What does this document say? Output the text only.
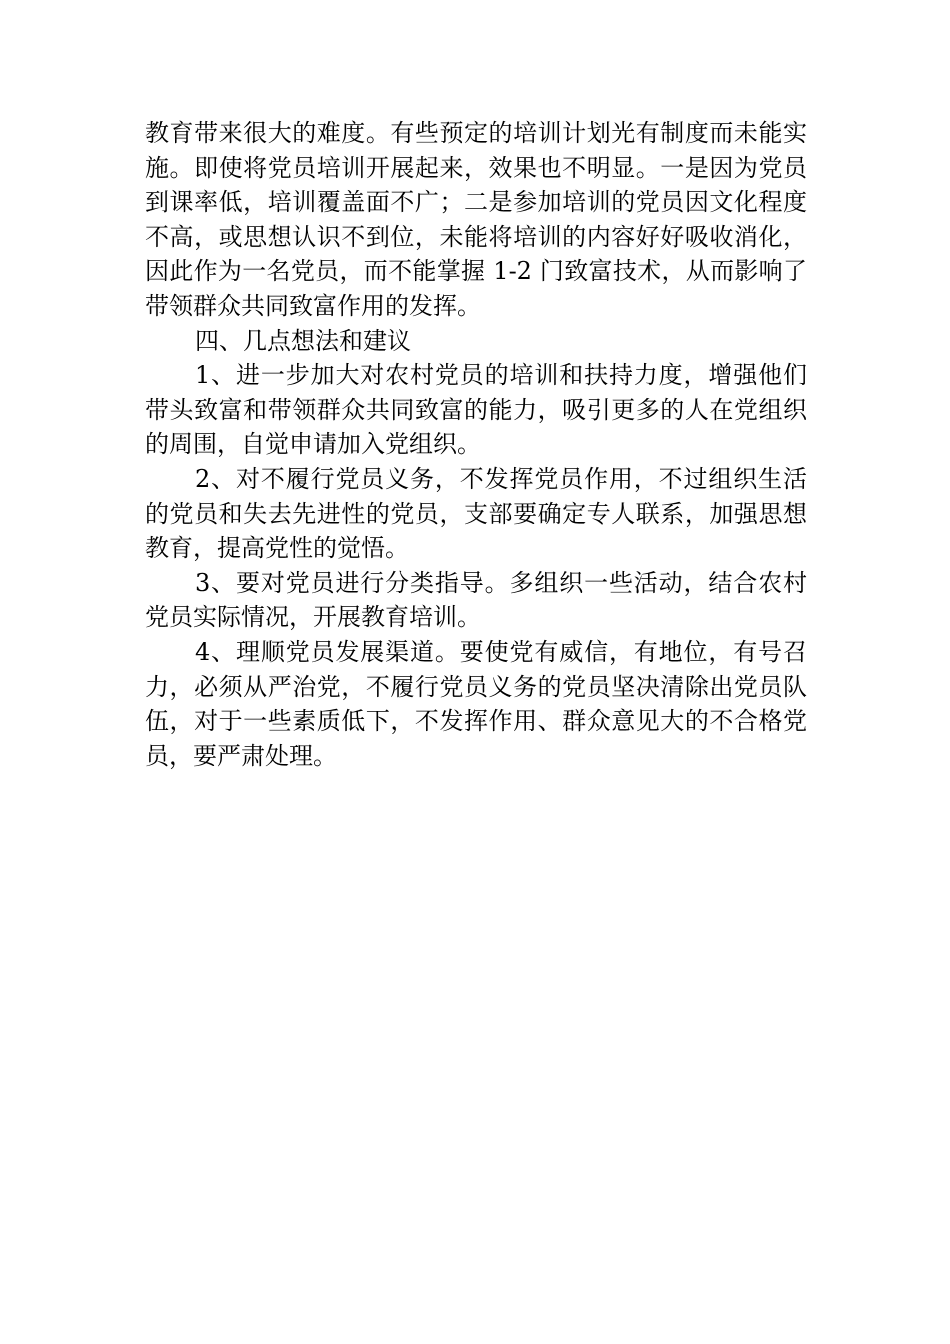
教育带来很大的难度。有些预定的培训计划光有制度而未能实施。即使将党员培训开展起来，效果也不明显。一是因为党员到课率低，培训覆盖面不广；二是参加培训的党员因文化程度不高，或思想认识不到位，未能将培训的内容好好吸收消化，因此作为一名党员，而不能掌握 1-2 门致富技术，从而影响了带领群众共同致富作用的发挥。

四、几点想法和建议

1、进一步加大对农村党员的培训和扶持力度，增强他们带头致富和带领群众共同致富的能力，吸引更多的人在党组织的周围，自觉申请加入党组织。

2、对不履行党员义务，不发挥党员作用，不过组织生活的党员和失去先进性的党员，支部要确定专人联系，加强思想教育，提高党性的觉悟。

3、要对党员进行分类指导。多组织一些活动，结合农村党员实际情况，开展教育培训。

4、理顺党员发展渠道。要使党有威信，有地位，有号召力，必须从严治党，不履行党员义务的党员坚决清除出党员队伍，对于一些素质低下，不发挥作用、群众意见大的不合格党员，要严肃处理。
